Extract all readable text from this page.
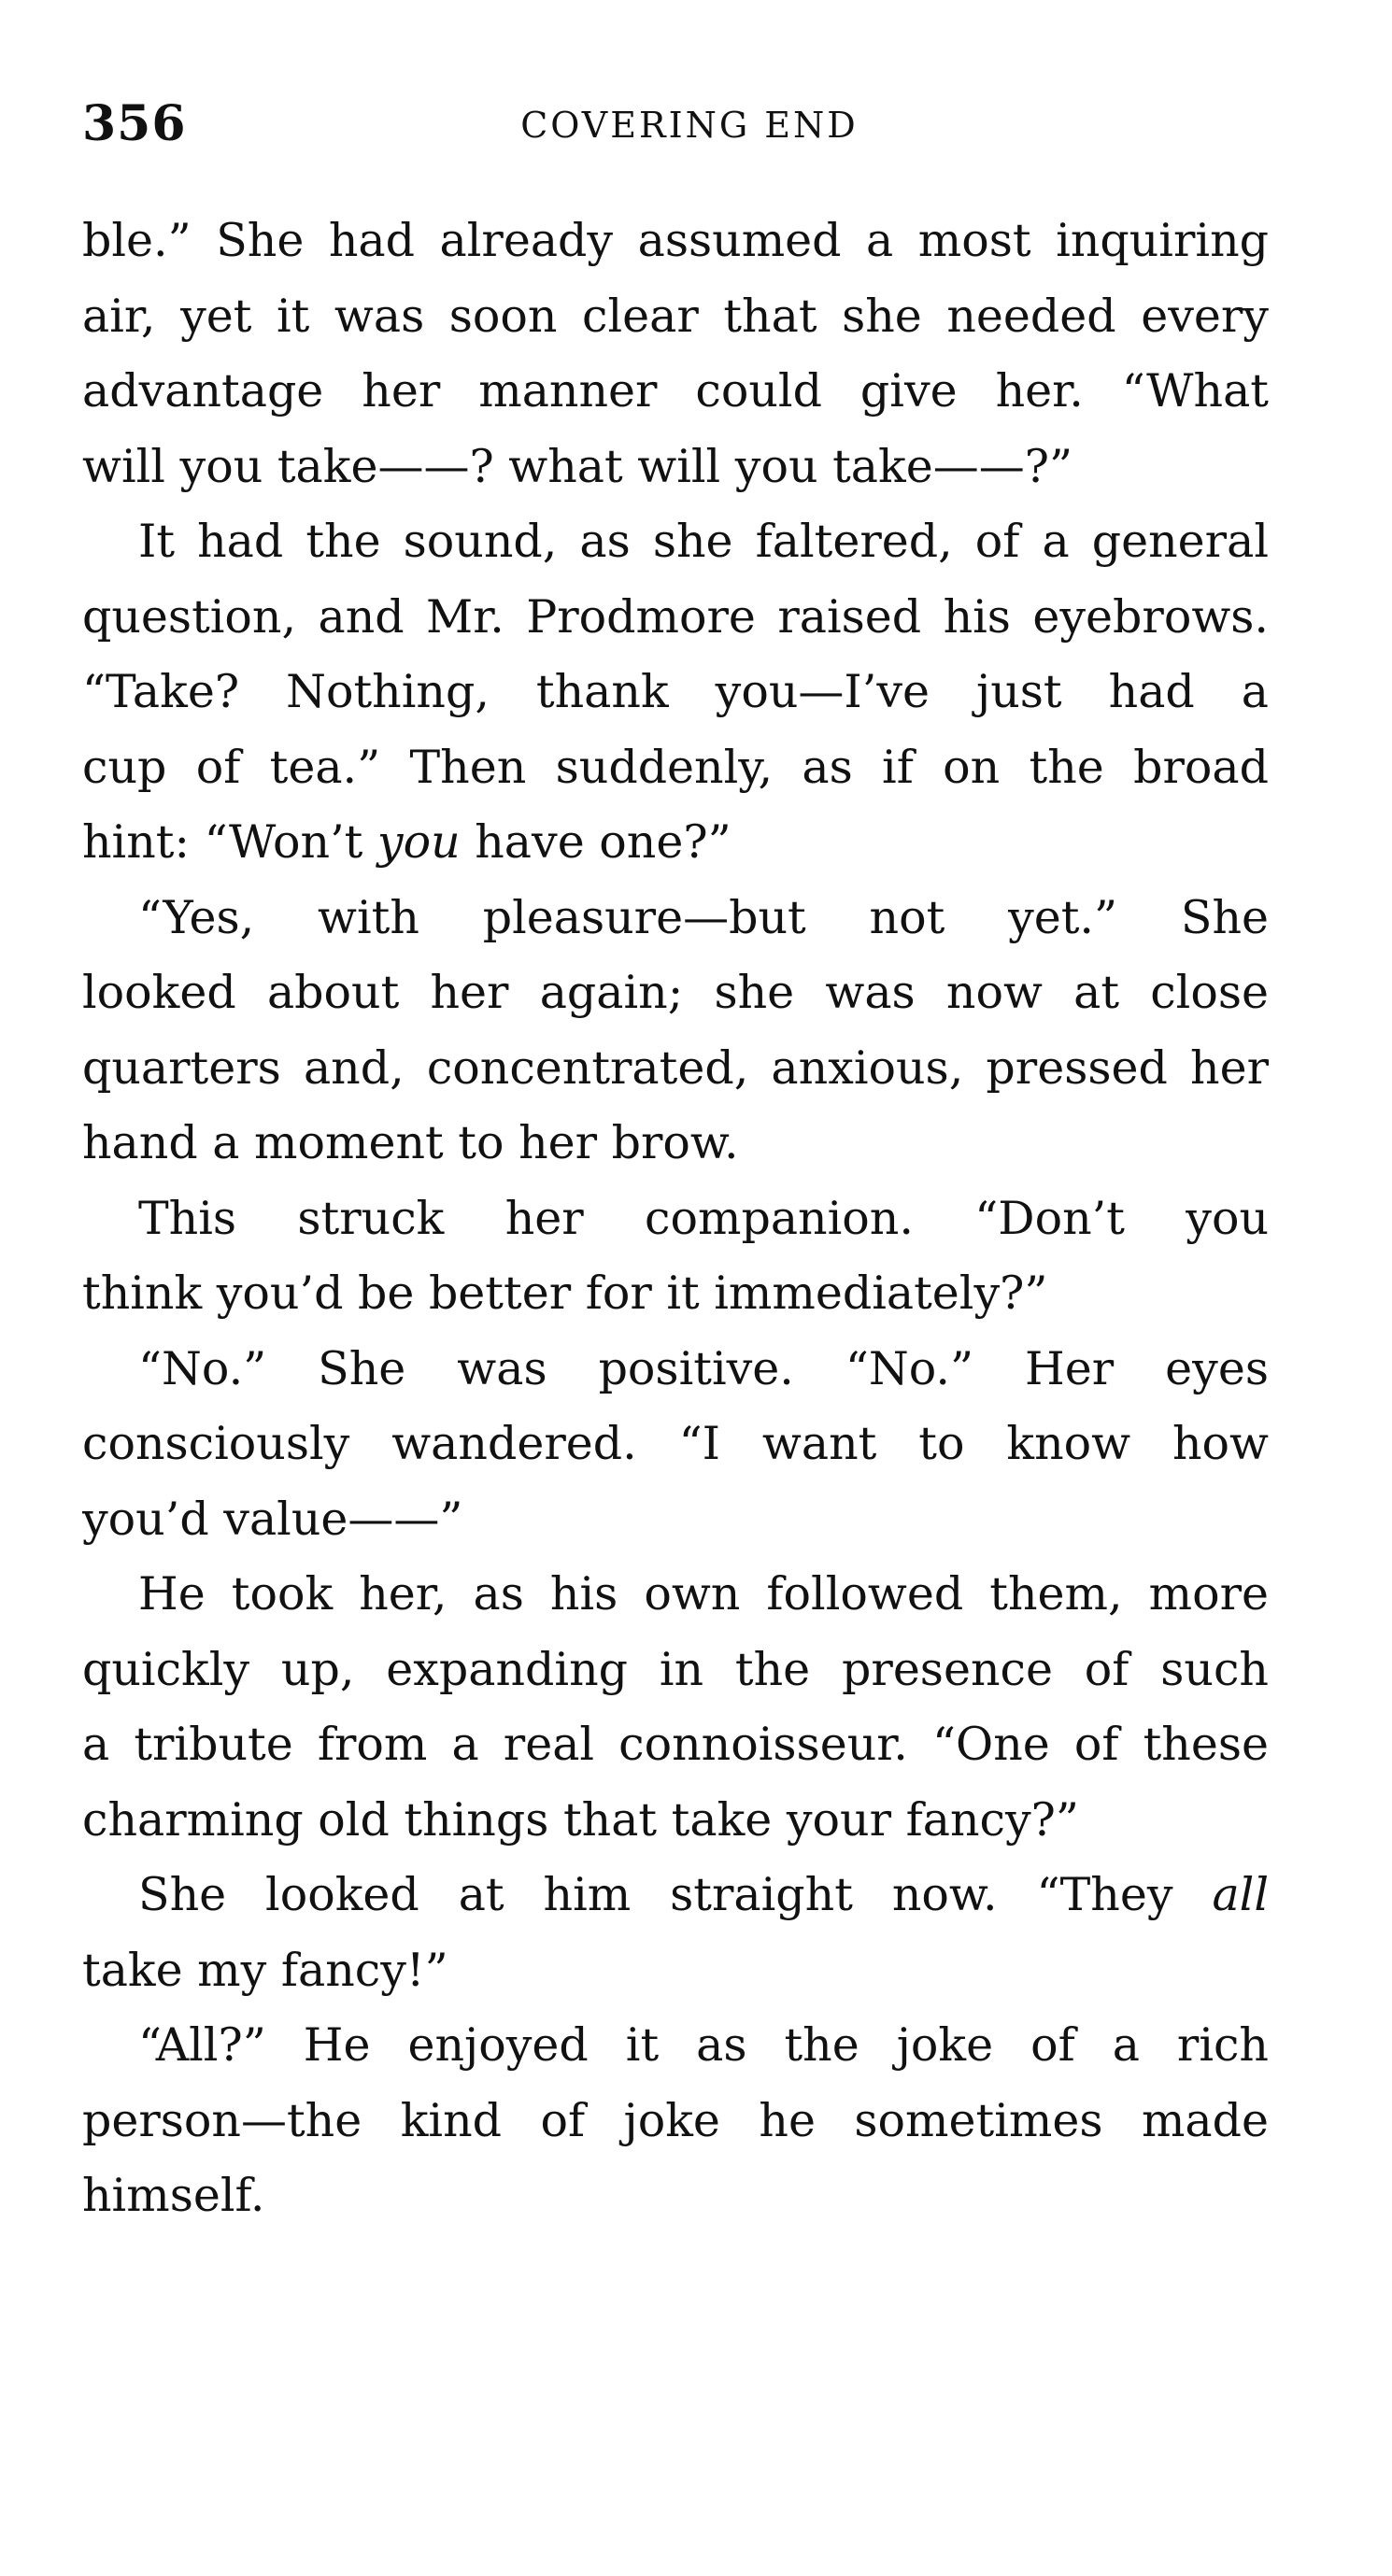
356	COVERING END
ble.” She had already assumed a most inquiring
air, yet it was soon clear that she needed every
advantage her manner could give her. “What
will you take——? what will you take——?”
It had the sound, as she faltered, of a general
question, and Mr. Prodmore raised his eyebrows.
“Take? Nothing, thank you—I’ve just had a
cup of tea.” Then suddenly, as if on the broad
hint: “Won’t you have one?”
“Yes, with pleasure—but not yet.” She
looked about her again; she was now at close
quarters and, concentrated, anxious, pressed her
hand a moment to her brow.
This struck her companion. “Don’t you
think you’d be better for it immediately?”
“No.” She was positive. “No.” Her eyes
consciously wandered. “I want to know how
you’d value——”
He took her, as his own followed them, more
quickly up, expanding in the presence of such
a tribute from a real connoisseur. “One of these
charming old things that take your fancy?”
She looked at him straight now. “They all
take my fancy!”
“All?” He enjoyed it as the joke of a rich
person—the kind of joke he sometimes made
himself.
